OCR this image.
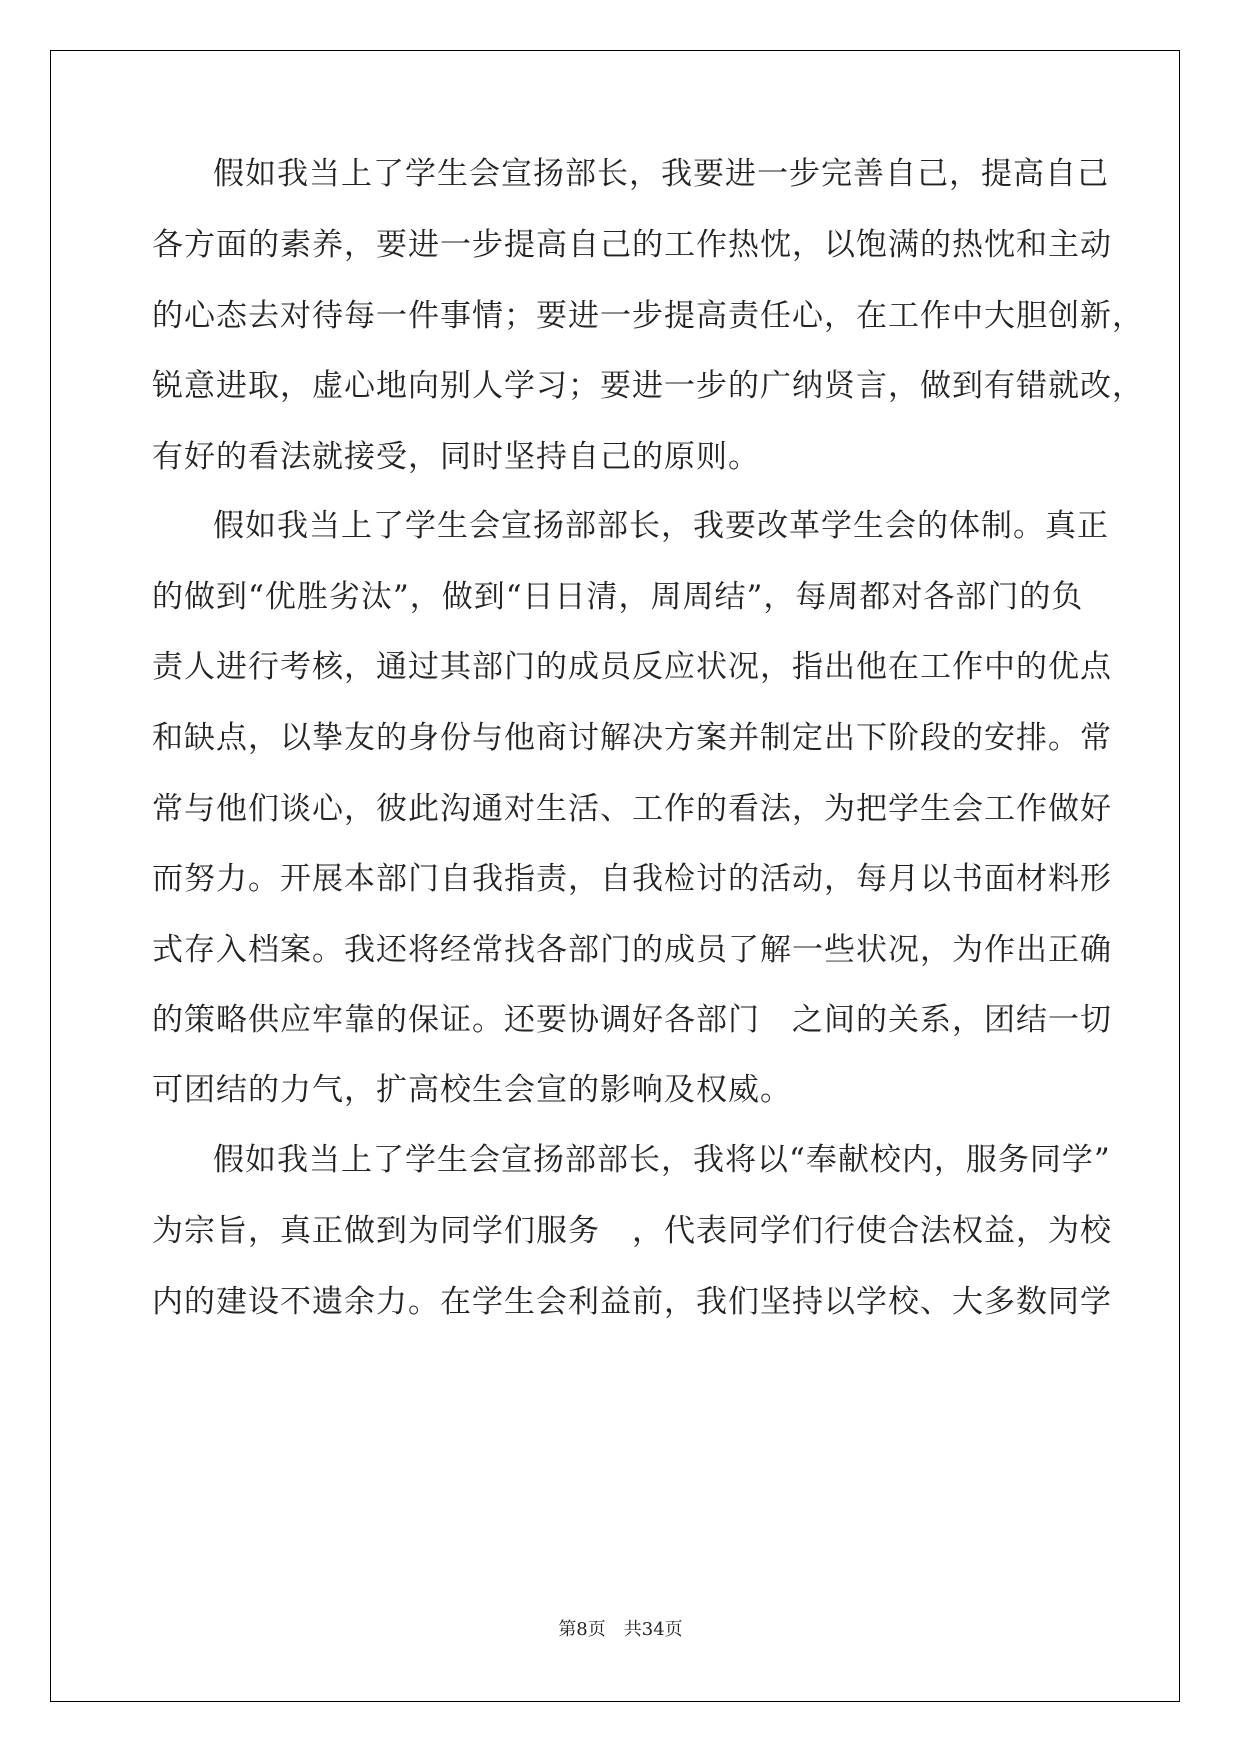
假如我当上了学生会宣扬部长，我要进一步完善自己，提高自己
各方面的素养，要进一步提高自己的工作热忱，以饱满的热忱和主动
的心态去对待每一件事情；要进一步提高责任心，在工作中大胆创新，
锐意进取，虚心地向别人学习；要进一步的广纳贤言，做到有错就改，
有好的看法就接受，同时坚持自己的原则。
假如我当上了学生会宣扬部部长，我要改革学生会的体制。真正
的做到“优胜劣汰”，做到“日日清，周周结”，每周都对各部门的负
责人进行考核，通过其部门的成员反应状况，指出他在工作中的优点
和缺点，以挚友的身份与他商讨解决方案并制定出下阶段的安排。常
常与他们谈心，彼此沟通对生活、工作的看法，为把学生会工作做好
而努力。开展本部门自我指责，自我检讨的活动，每月以书面材料形
式存入档案。我还将经常找各部门的成员了解一些状况，为作出正确
的策略供应牢靠的保证。还要协调好各部门　之间的关系，团结一切
可团结的力气，扩高校生会宣的影响及权威。
假如我当上了学生会宣扬部部长，我将以“奉献校内，服务同学”
为宗旨，真正做到为同学们服务　，代表同学们行使合法权益，为校
内的建设不遗余力。在学生会利益前，我们坚持以学校、大多数同学
第8页　共34页
